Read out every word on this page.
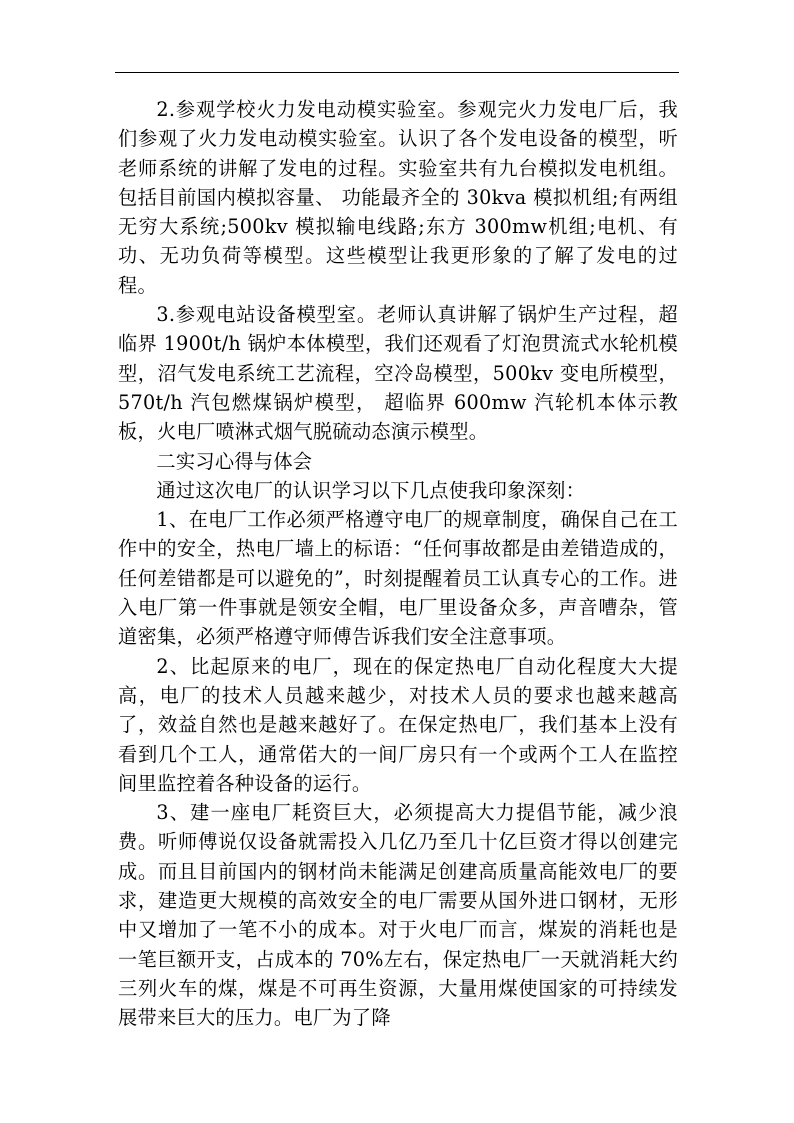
2.参观学校火力发电动模实验室。参观完火力发电厂后，我们参观了火力发电动模实验室。认识了各个发电设备的模型，听老师系统的讲解了发电的过程。实验室共有九台模拟发电机组。包括目前国内模拟容量、 功能最齐全的 30kva 模拟机组;有两组无穷大系统;500kv 模拟输电线路;东方 300mw机组;电机、有功、无功负荷等模型。这些模型让我更形象的了解了发电的过程。

3.参观电站设备模型室。老师认真讲解了锅炉生产过程，超临界 1900t/h 锅炉本体模型，我们还观看了灯泡贯流式水轮机模型，沼气发电系统工艺流程，空冷岛模型，500kv 变电所模型，570t/h 汽包燃煤锅炉模型， 超临界 600mw 汽轮机本体示教板，火电厂喷淋式烟气脱硫动态演示模型。

二实习心得与体会

通过这次电厂的认识学习以下几点使我印象深刻：

1、在电厂工作必须严格遵守电厂的规章制度，确保自己在工作中的安全，热电厂墙上的标语：“任何事故都是由差错造成的，任何差错都是可以避免的”，时刻提醒着员工认真专心的工作。进入电厂第一件事就是领安全帽，电厂里设备众多，声音嘈杂，管道密集，必须严格遵守师傅告诉我们安全注意事项。

2、比起原来的电厂，现在的保定热电厂自动化程度大大提高，电厂的技术人员越来越少，对技术人员的要求也越来越高了，效益自然也是越来越好了。在保定热电厂，我们基本上没有看到几个工人，通常偌大的一间厂房只有一个或两个工人在监控间里监控着各种设备的运行。

3、建一座电厂耗资巨大，必须提高大力提倡节能，减少浪费。听师傅说仅设备就需投入几亿乃至几十亿巨资才得以创建完成。而且目前国内的钢材尚未能满足创建高质量高能效电厂的要求，建造更大规模的高效安全的电厂需要从国外进口钢材，无形中又增加了一笔不小的成本。对于火电厂而言，煤炭的消耗也是一笔巨额开支，占成本的 70%左右，保定热电厂一天就消耗大约三列火车的煤，煤是不可再生资源，大量用煤使国家的可持续发展带来巨大的压力。电厂为了降
